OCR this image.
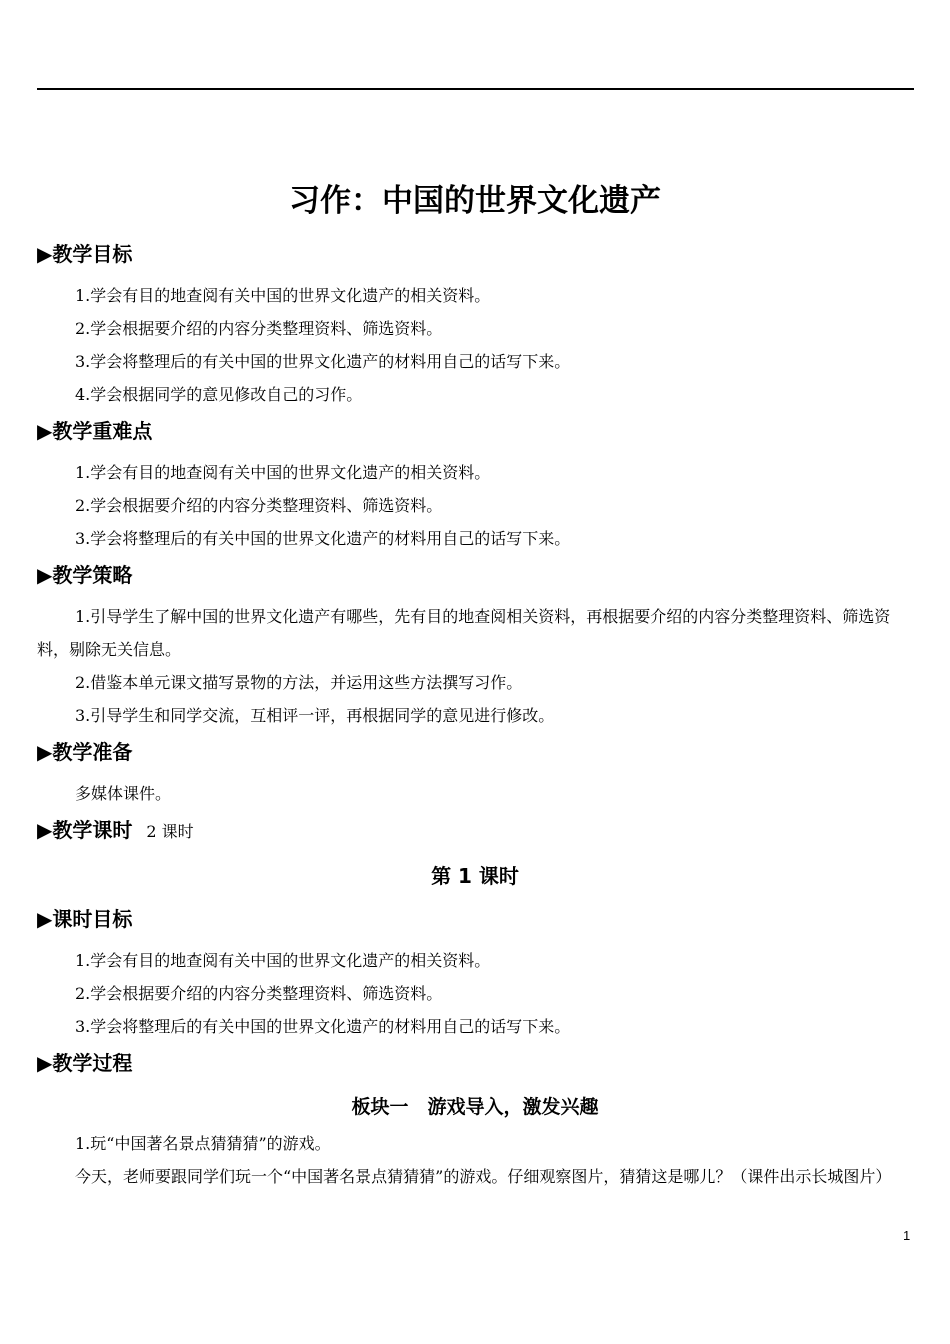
习作：中国的世界文化遗产
▶教学目标
1.学会有目的地查阅有关中国的世界文化遗产的相关资料。
2.学会根据要介绍的内容分类整理资料、筛选资料。
3.学会将整理后的有关中国的世界文化遗产的材料用自己的话写下来。
4.学会根据同学的意见修改自己的习作。
▶教学重难点
1.学会有目的地查阅有关中国的世界文化遗产的相关资料。
2.学会根据要介绍的内容分类整理资料、筛选资料。
3.学会将整理后的有关中国的世界文化遗产的材料用自己的话写下来。
▶教学策略
1.引导学生了解中国的世界文化遗产有哪些，先有目的地查阅相关资料，再根据要介绍的内容分类整理资料、筛选资料，剔除无关信息。
2.借鉴本单元课文描写景物的方法，并运用这些方法撰写习作。
3.引导学生和同学交流，互相评一评，再根据同学的意见进行修改。
▶教学准备
多媒体课件。
▶教学课时 2 课时
第 1 课时
▶课时目标
1.学会有目的地查阅有关中国的世界文化遗产的相关资料。
2.学会根据要介绍的内容分类整理资料、筛选资料。
3.学会将整理后的有关中国的世界文化遗产的材料用自己的话写下来。
▶教学过程
板块一　游戏导入，激发兴趣
1.玩“中国著名景点猜猜猜”的游戏。
今天，老师要跟同学们玩一个“中国著名景点猜猜猜”的游戏。仔细观察图片，猜猜这是哪儿？（课件出示长城图片）
1
